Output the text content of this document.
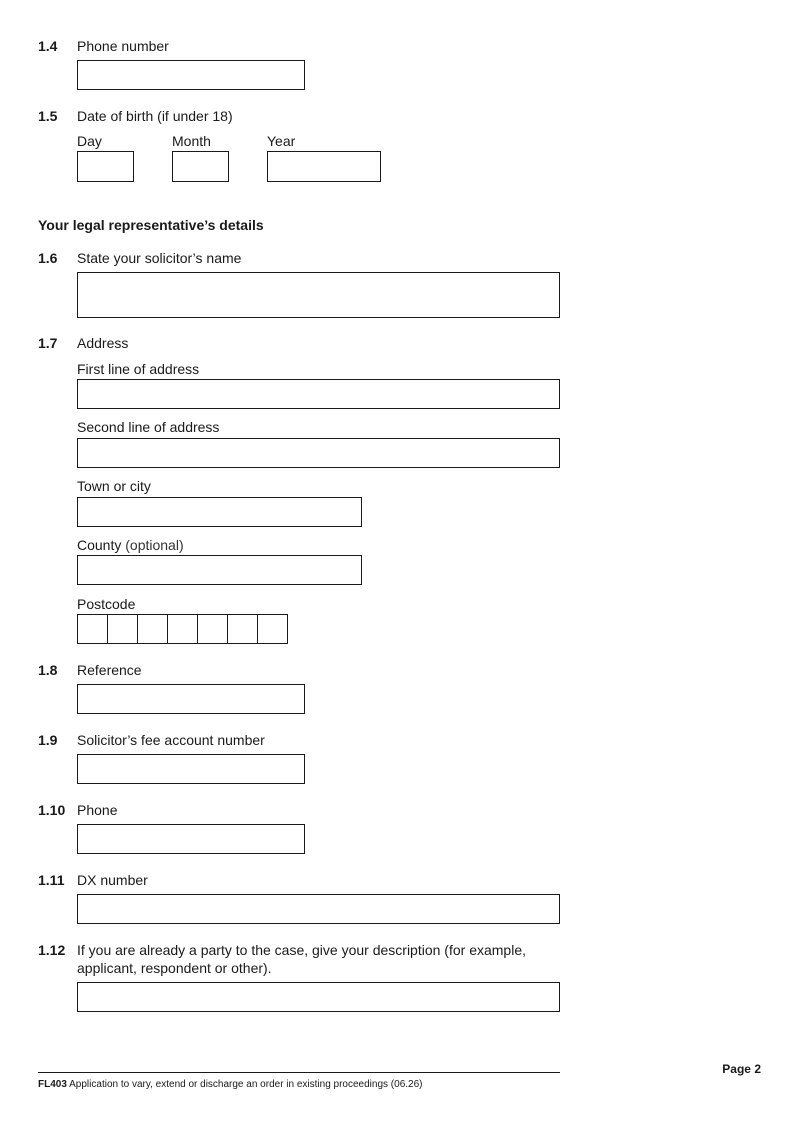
1.4 Phone number
1.5 Date of birth (if under 18)
Day	Month	Year
Your legal representative’s details
1.6 State your solicitor’s name
1.7 Address
First line of address
Second line of address
Town or city
County (optional)
Postcode
1.8 Reference
1.9 Solicitor’s fee account number
1.10 Phone
1.11 DX number
1.12 If you are already a party to the case, give your description (for example, applicant, respondent or other).
Page 2
FL403 Application to vary, extend or discharge an order in existing proceedings (06.26)
